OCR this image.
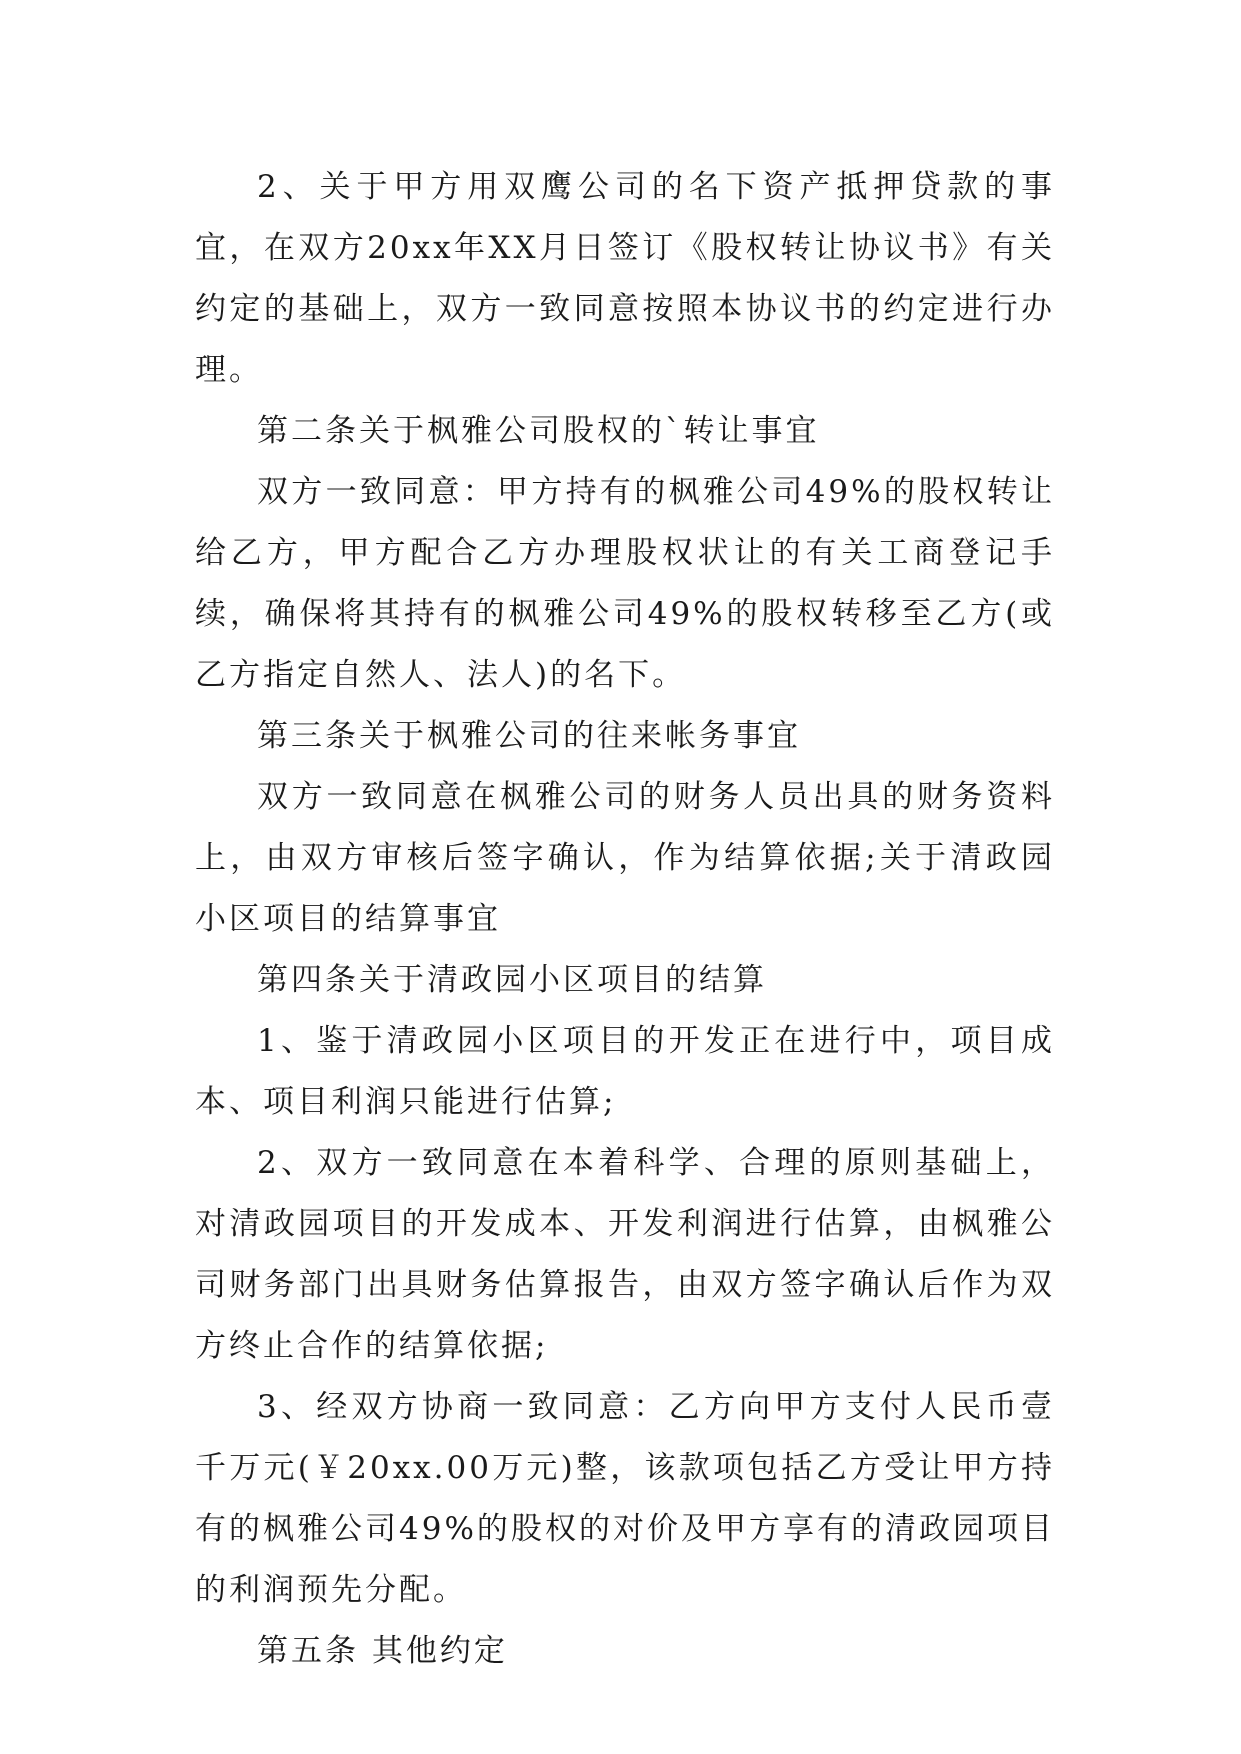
2、关于甲方用双鹰公司的名下资产抵押贷款的事宜，在双方20xx年XX月日签订《股权转让协议书》有关约定的基础上，双方一致同意按照本协议书的约定进行办理。

第二条关于枫雅公司股权的`转让事宜

双方一致同意：甲方持有的枫雅公司49%的股权转让给乙方，甲方配合乙方办理股权状让的有关工商登记手续，确保将其持有的枫雅公司49%的股权转移至乙方(或乙方指定自然人、法人)的名下。

第三条关于枫雅公司的往来帐务事宜

双方一致同意在枫雅公司的财务人员出具的财务资料上，由双方审核后签字确认，作为结算依据;关于清政园小区项目的结算事宜

第四条关于清政园小区项目的结算

1、鉴于清政园小区项目的开发正在进行中，项目成本、项目利润只能进行估算;

2、双方一致同意在本着科学、合理的原则基础上，对清政园项目的开发成本、开发利润进行估算，由枫雅公司财务部门出具财务估算报告，由双方签字确认后作为双方终止合作的结算依据;

3、经双方协商一致同意：乙方向甲方支付人民币壹千万元(￥20xx.00万元)整，该款项包括乙方受让甲方持有的枫雅公司49%的股权的对价及甲方享有的清政园项目的利润预先分配。

第五条 其他约定
